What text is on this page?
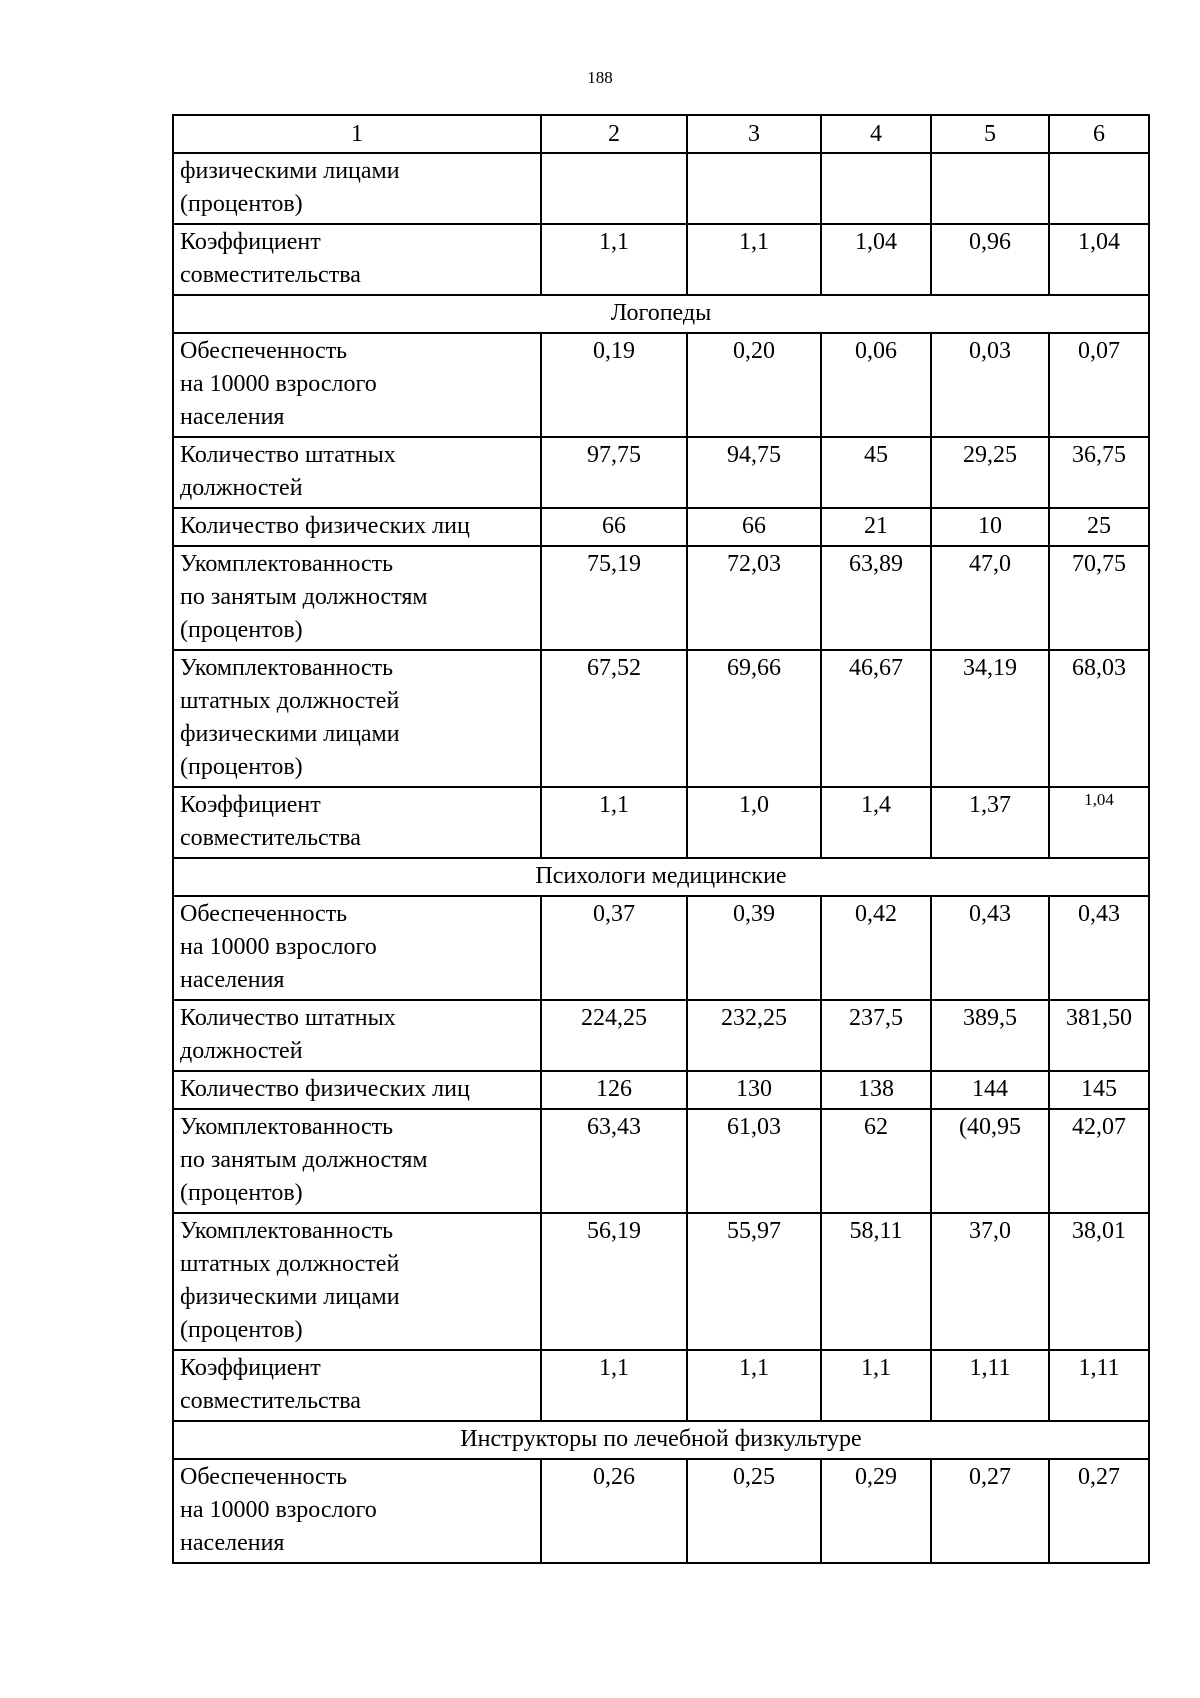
188
1	2	3	4	5	6
физическими лицами
(процентов)					
Коэффициент
совместительства	1,1	1,1	1,04	0,96	1,04
Логопеды					
Обеспеченность
на 10000 взрослого
населения	0,19	0,20	0,06	0,03	0,07
Количество штатных
должностей	97,75	94,75	45	29,25	36,75
Количество физических лиц	66	66	21	10	25
Укомплектованность
по занятым должностям
(процентов)	75,19	72,03	63,89	47,0	70,75
Укомплектованность
штатных должностей
физическими лицами
(процентов)	67,52	69,66	46,67	34,19	68,03
Коэффициент
совместительства	1,1	1,0	1,4	1,37	1,04
Психологи медицинские					
Обеспеченность
на 10000 взрослого
населения	0,37	0,39	0,42	0,43	0,43
Количество штатных
должностей	224,25	232,25	237,5	389,5	381,50
Количество физических лиц	126	130	138	144	145
Укомплектованность
по занятым должностям
(процентов)	63,43	61,03	62	(40,95	42,07
Укомплектованность
штатных должностей
физическими лицами
(процентов)	56,19	55,97	58,11	37,0	38,01
Коэффициент
совместительства	1,1	1,1	1,1	1,11	1,11
Инструкторы по лечебной физкультуре					
Обеспеченность
на 10000 взрослого
населения	0,26	0,25	0,29	0,27	0,27
